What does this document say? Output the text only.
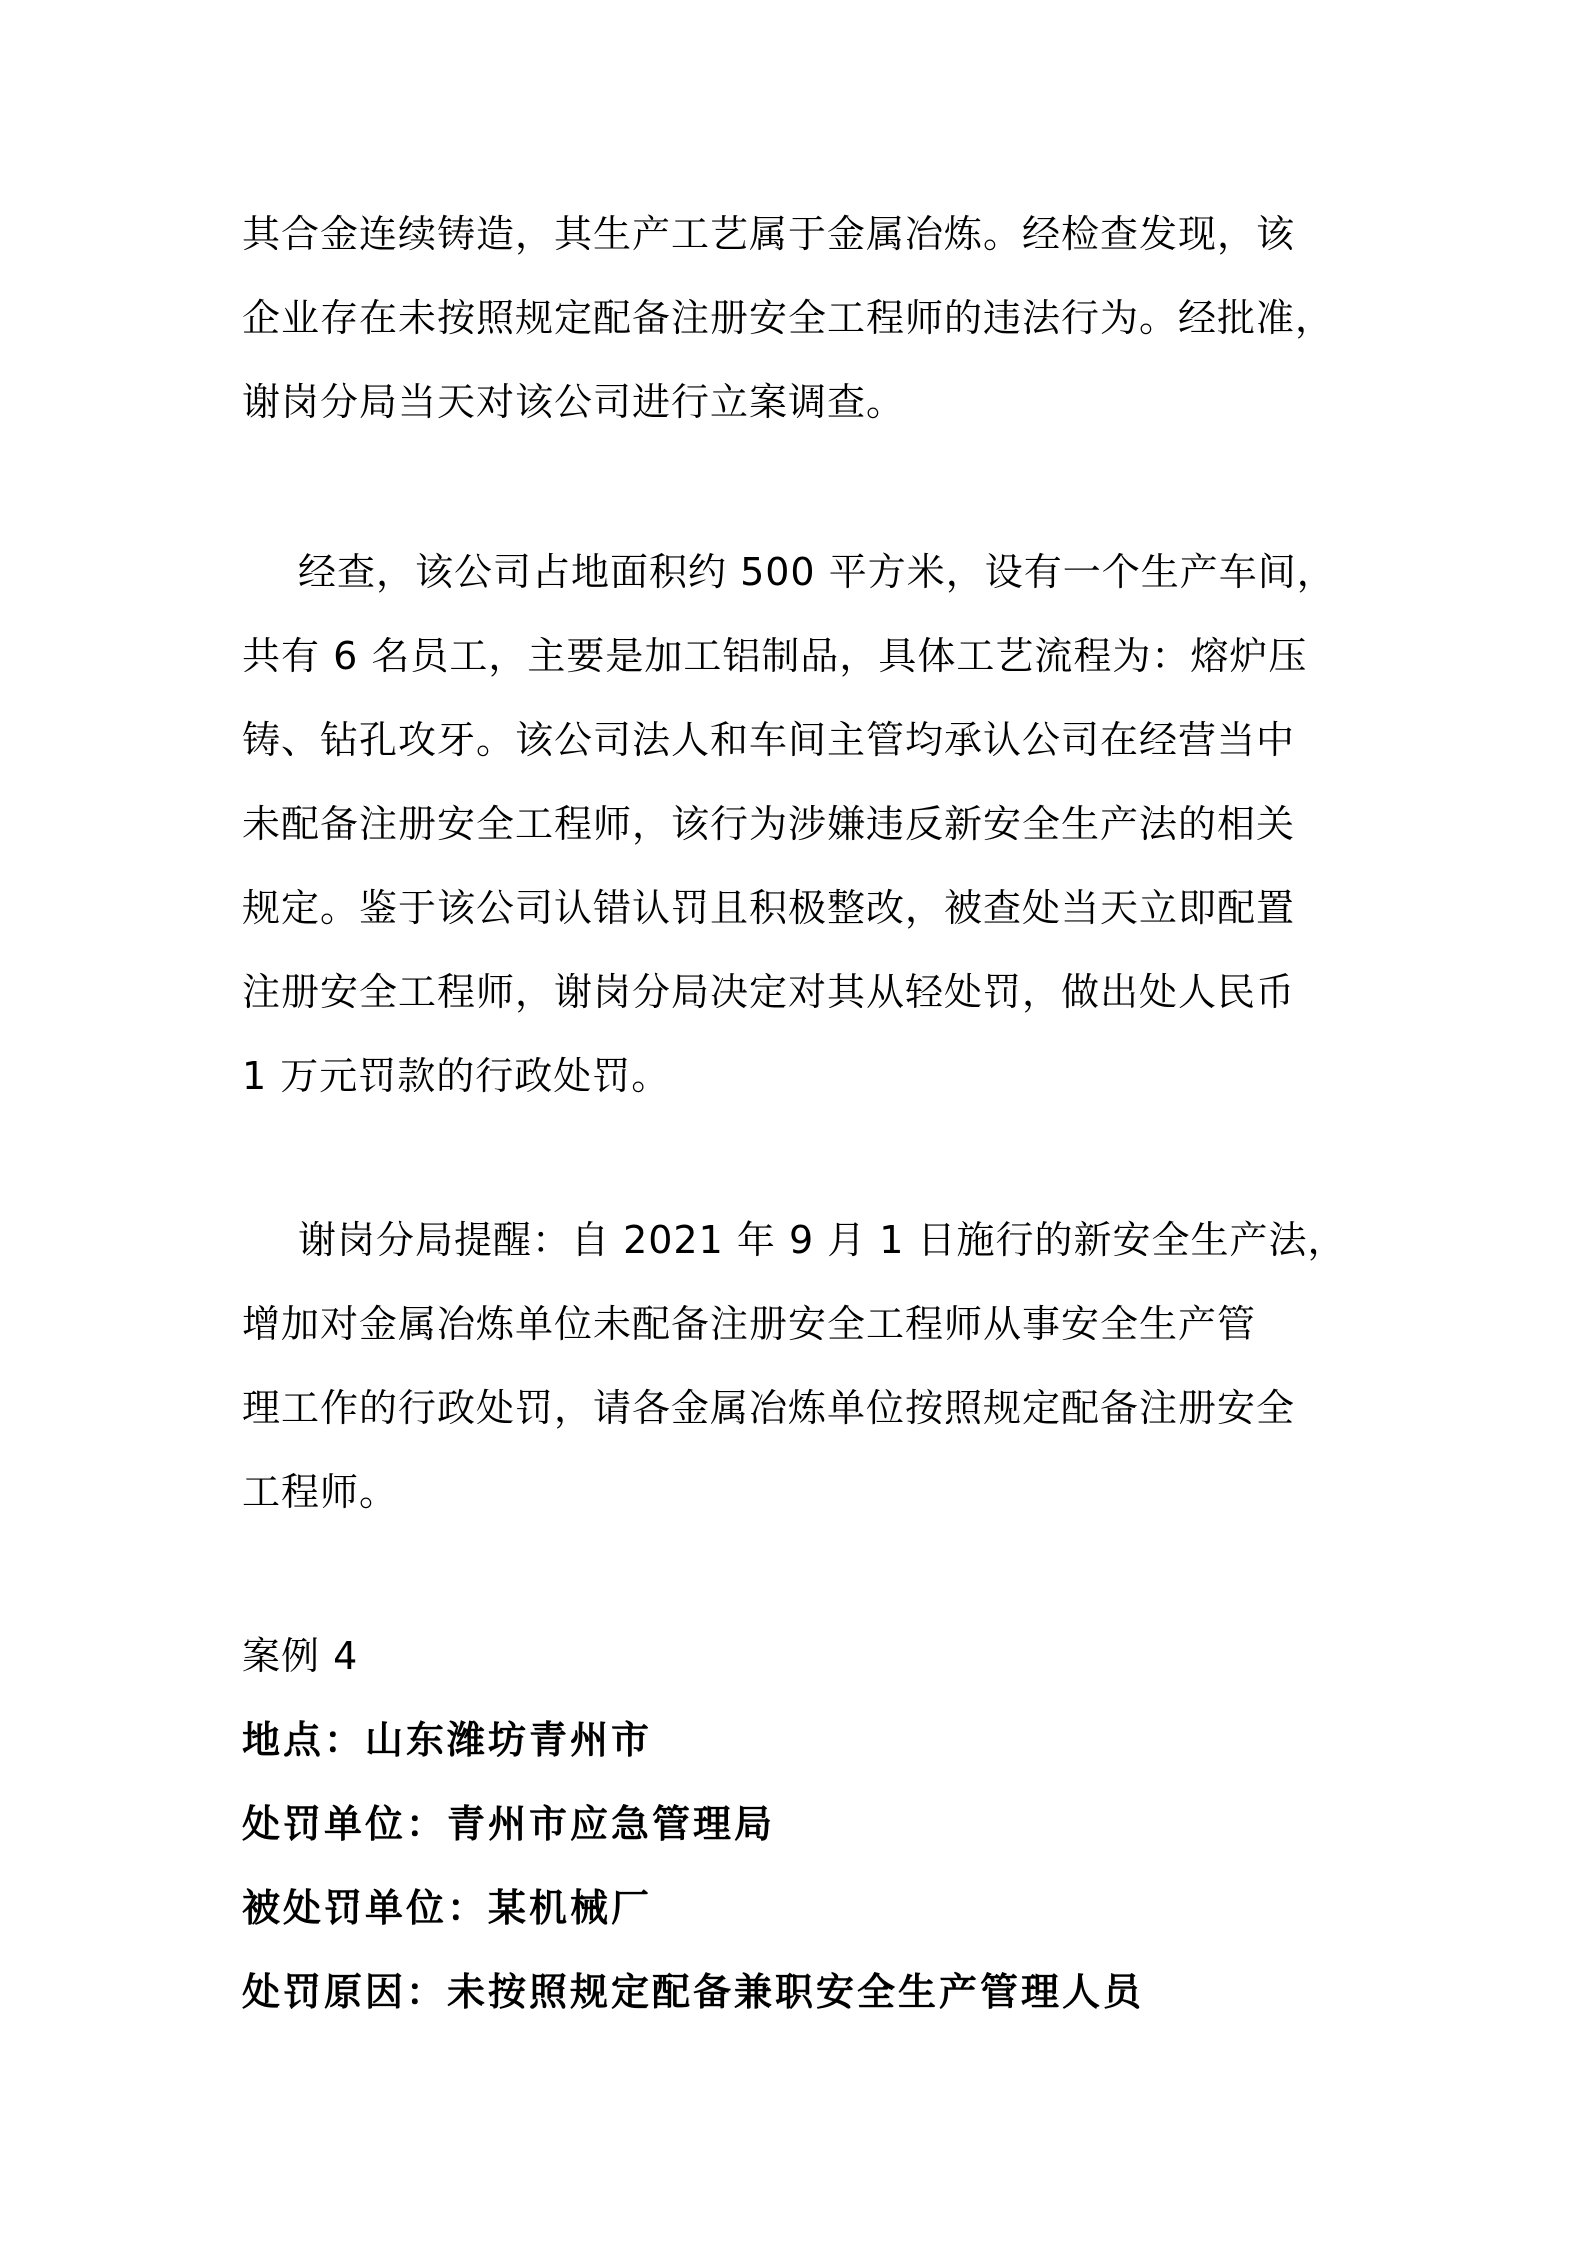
其合金连续铸造，其生产工艺属于金属冶炼。经检查发现，该
企业存在未按照规定配备注册安全工程师的违法行为。经批准，
谢岗分局当天对该公司进行立案调查。
经查，该公司占地面积约 500 平方米，设有一个生产车间，
共有 6 名员工，主要是加工铝制品，具体工艺流程为：熔炉压
铸、钻孔攻牙。该公司法人和车间主管均承认公司在经营当中
未配备注册安全工程师，该行为涉嫌违反新安全生产法的相关
规定。鉴于该公司认错认罚且积极整改，被查处当天立即配置
注册安全工程师，谢岗分局决定对其从轻处罚，做出处人民币
1 万元罚款的行政处罚。
谢岗分局提醒：自 2021 年 9 月 1 日施行的新安全生产法，
增加对金属冶炼单位未配备注册安全工程师从事安全生产管
理工作的行政处罚，请各金属冶炼单位按照规定配备注册安全
工程师。
案例 4
地点：山东潍坊青州市
处罚单位：青州市应急管理局
被处罚单位：某机械厂
处罚原因：未按照规定配备兼职安全生产管理人员
